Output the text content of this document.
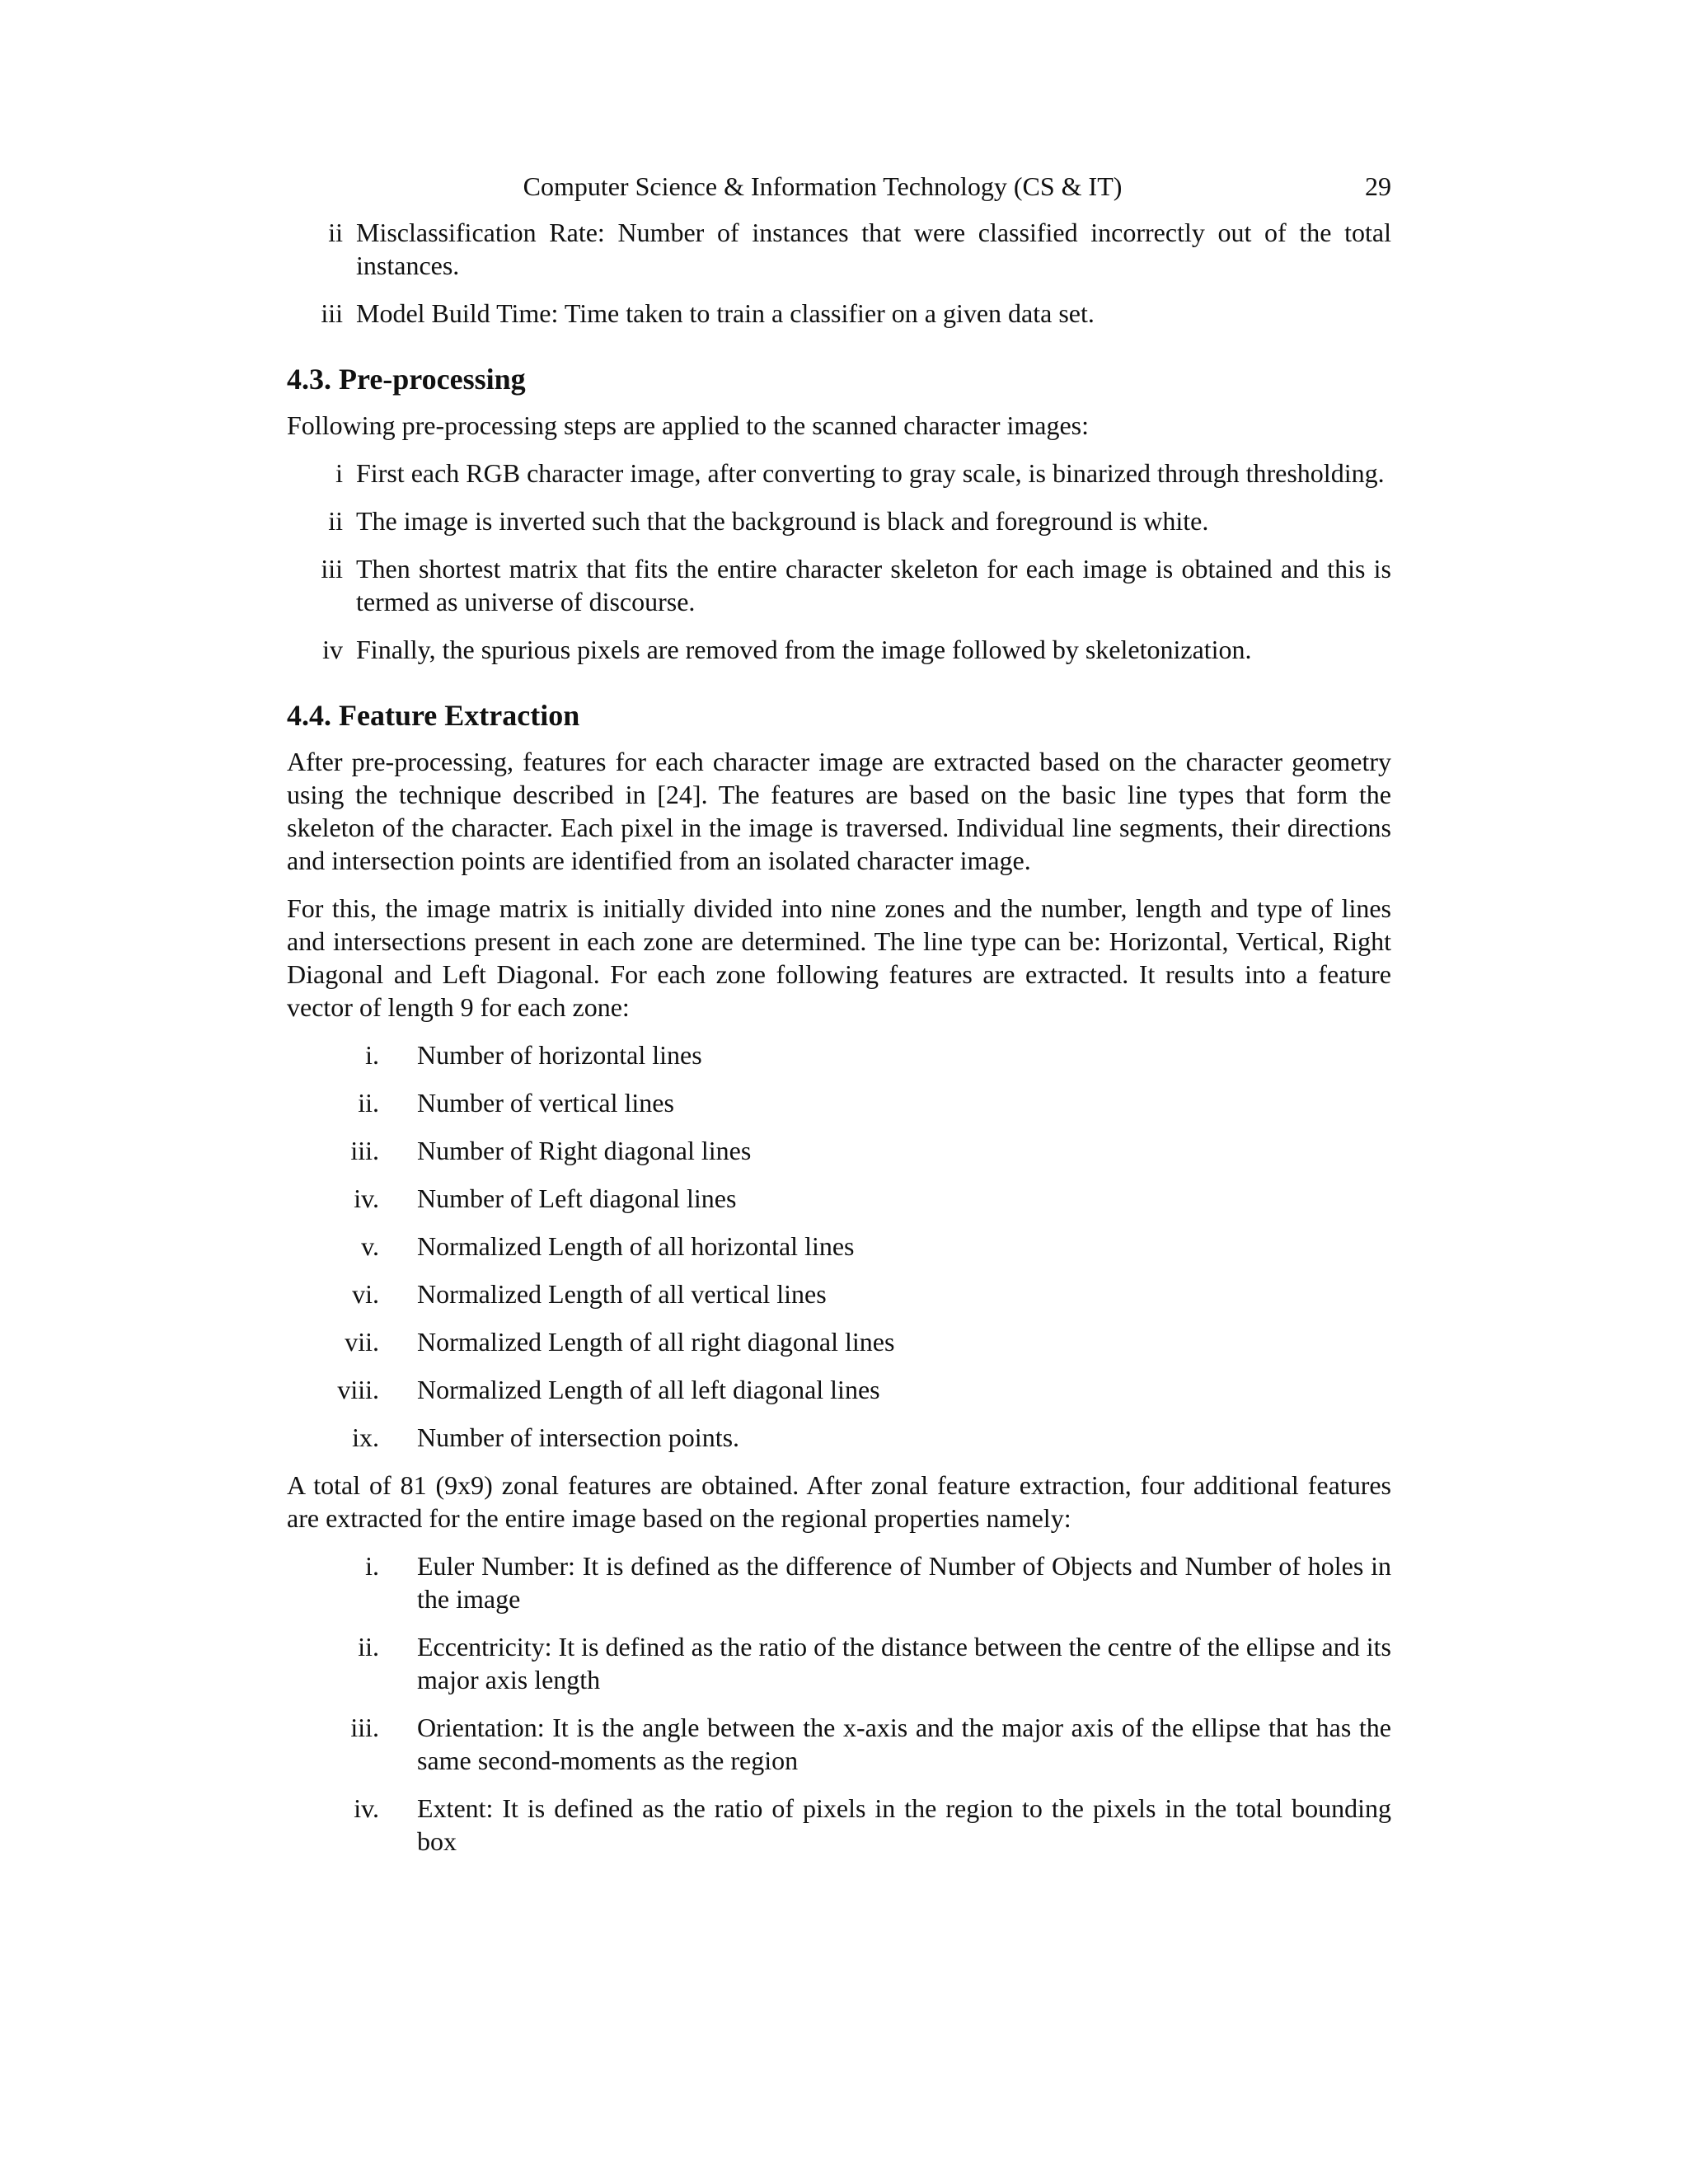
Computer Science & Information Technology (CS & IT)	29
ii Misclassification Rate: Number of instances that were classified incorrectly out of the total instances.
iii Model Build Time: Time taken to train a classifier on a given data set.
4.3. Pre-processing

Following pre-processing steps are applied to the scanned character images:

i First each RGB character image, after converting to gray scale, is binarized through thresholding.
ii The image is inverted such that the background is black and foreground is white.
iii Then shortest matrix that fits the entire character skeleton for each image is obtained and this is termed as universe of discourse.
iv Finally, the spurious pixels are removed from the image followed by skeletonization.
4.4. Feature Extraction

After pre-processing, features for each character image are extracted based on the character geometry using the technique described in [24]. The features are based on the basic line types that form the skeleton of the character. Each pixel in the image is traversed. Individual line segments, their directions and intersection points are identified from an isolated character image.

For this, the image matrix is initially divided into nine zones and the number, length and type of lines and intersections present in each zone are determined. The line type can be: Horizontal, Vertical, Right Diagonal and Left Diagonal. For each zone following features are extracted. It results into a feature vector of length 9 for each zone:

i.	Number of horizontal lines
ii.	Number of vertical lines
iii.	Number of Right diagonal lines
iv.	Number of Left diagonal lines
v.	Normalized Length of all horizontal lines
vi.	Normalized Length of all vertical lines
vii.	Normalized Length of all right diagonal lines
viii.	Normalized Length of all left diagonal lines
ix.	Number of intersection points.

A total of 81 (9x9) zonal features are obtained. After zonal feature extraction, four additional features are extracted for the entire image based on the regional properties namely:

i.	Euler Number: It is defined as the difference of Number of Objects and Number of holes in the image
ii.	Eccentricity: It is defined as the ratio of the distance between the centre of the ellipse and its major axis length
iii.	Orientation: It is the angle between the x-axis and the major axis of the ellipse that has the same second-moments as the region
iv.	Extent: It is defined as the ratio of pixels in the region to the pixels in the total bounding box
